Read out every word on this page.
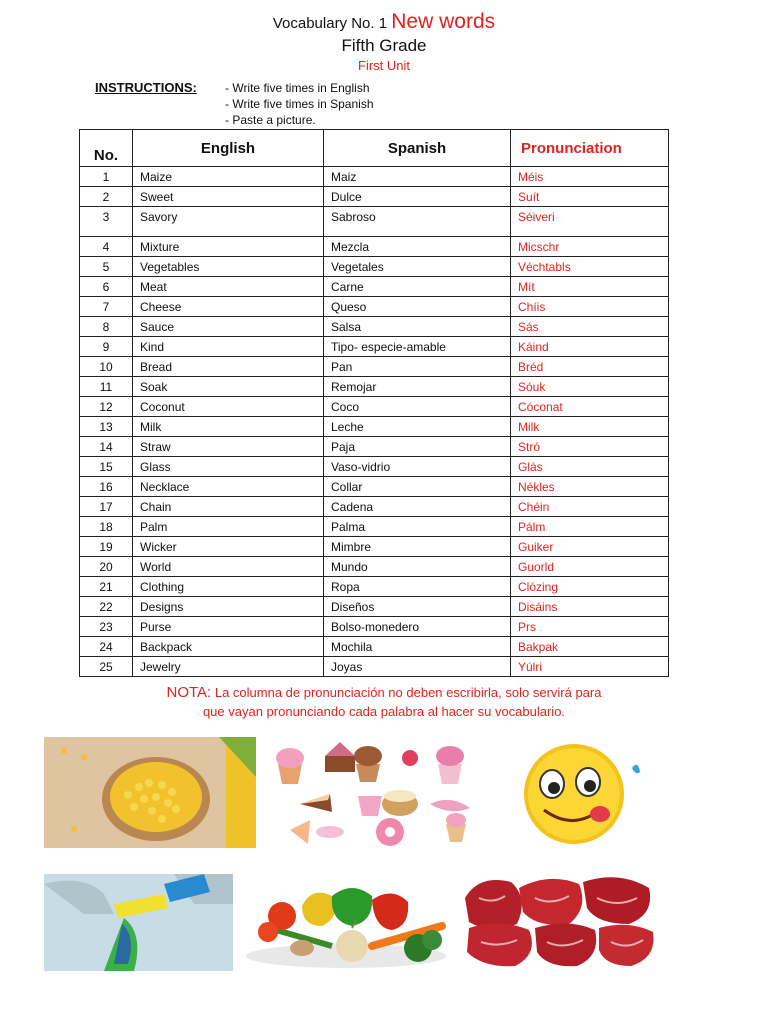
Vocabulary No. 1 New words
Fifth Grade
First Unit
INSTRUCTIONS: - Write five times in English
- Write five times in Spanish
- Paste a picture.
No.	English	Spanish	Pronunciation
1	Maize	Maiz	Méis
2	Sweet	Dulce	Suít
3	Savory	Sabroso	Séiveri
4	Mixture	Mezcla	Micschr
5	Vegetables	Vegetales	Véchtabls
6	Meat	Carne	Mít
7	Cheese	Queso	Chíis
8	Sauce	Salsa	Sás
9	Kind	Tipo- especie-amable	Káind
10	Bread	Pan	Bréd
11	Soak	Remojar	Sóuk
12	Coconut	Coco	Cóconat
13	Milk	Leche	Milk
14	Straw	Paja	Stró
15	Glass	Vaso-vidrio	Glás
16	Necklace	Collar	Nékles
17	Chain	Cadena	Chéin
18	Palm	Palma	Pálm
19	Wicker	Mimbre	Guiker
20	World	Mundo	Guorld
21	Clothing	Ropa	Clózing
22	Designs	Diseños	Disáins
23	Purse	Bolso-monedero	Prs
24	Backpack	Mochila	Bakpak
25	Jewelry	Joyas	Yúlri
NOTA: La columna de pronunciación no deben escribirla, solo servirá para
que vayan pronunciando cada palabra al hacer su vocabulario.
